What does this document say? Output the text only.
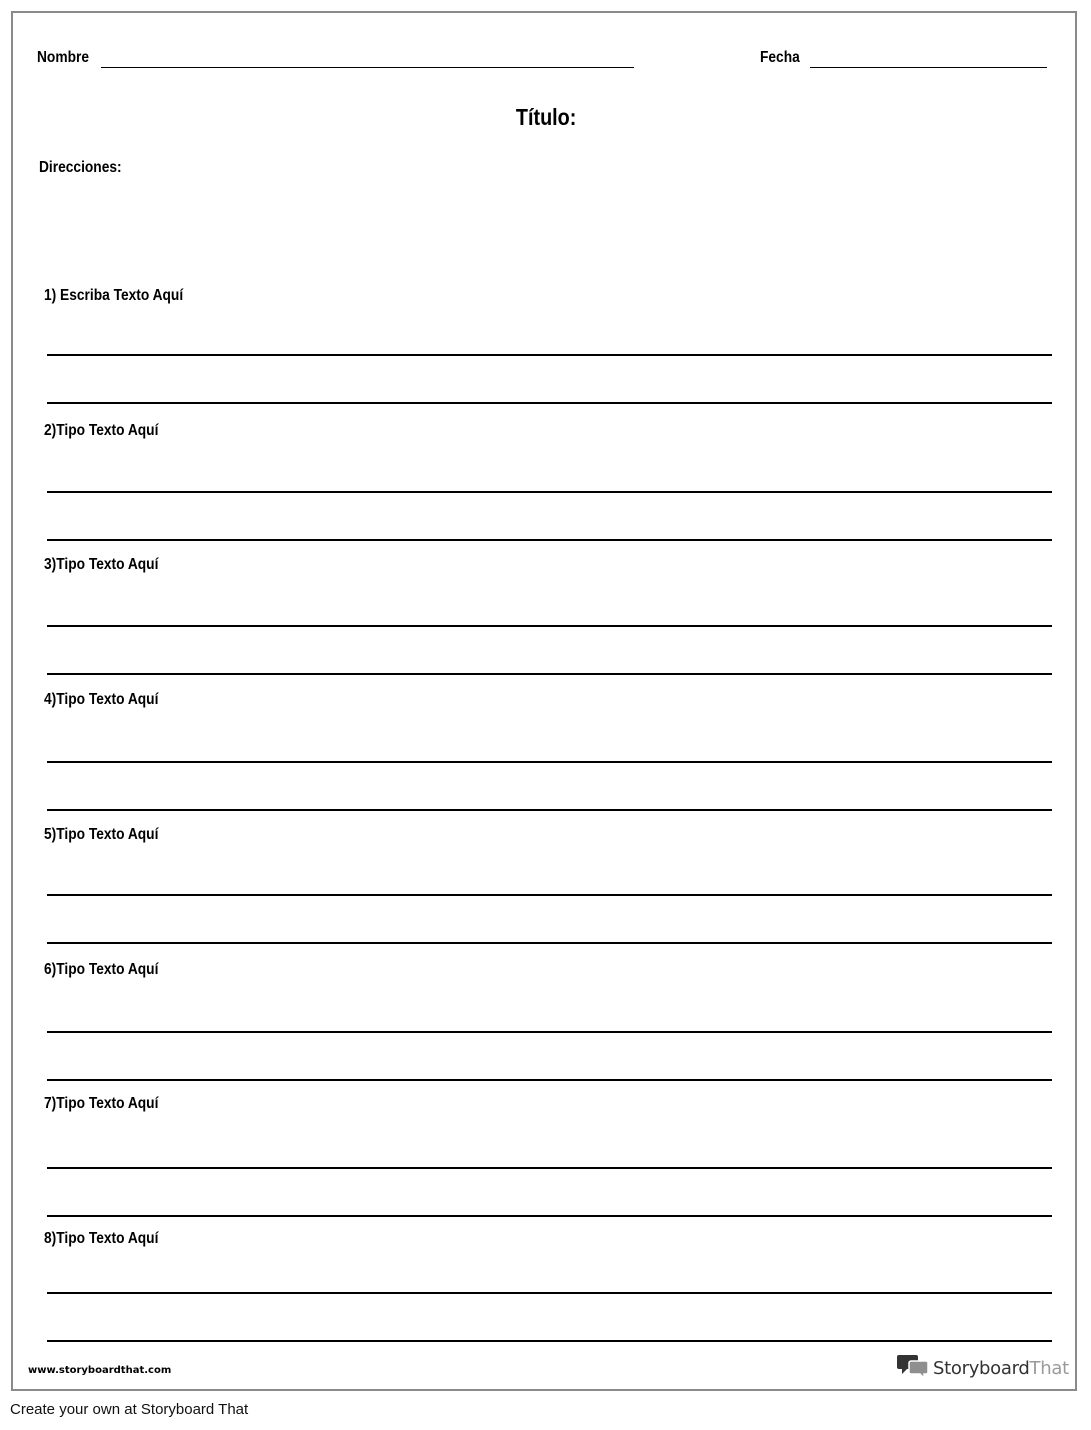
Nombre	Fecha
Título:
Direcciones:
1) Escriba Texto Aquí
2)Tipo Texto Aquí
3)Tipo Texto Aquí
4)Tipo Texto Aquí
5)Tipo Texto Aquí
6)Tipo Texto Aquí
7)Tipo Texto Aquí
8)Tipo Texto Aquí
www.storyboardthat.com	StoryboardThat
Create your own at Storyboard That
